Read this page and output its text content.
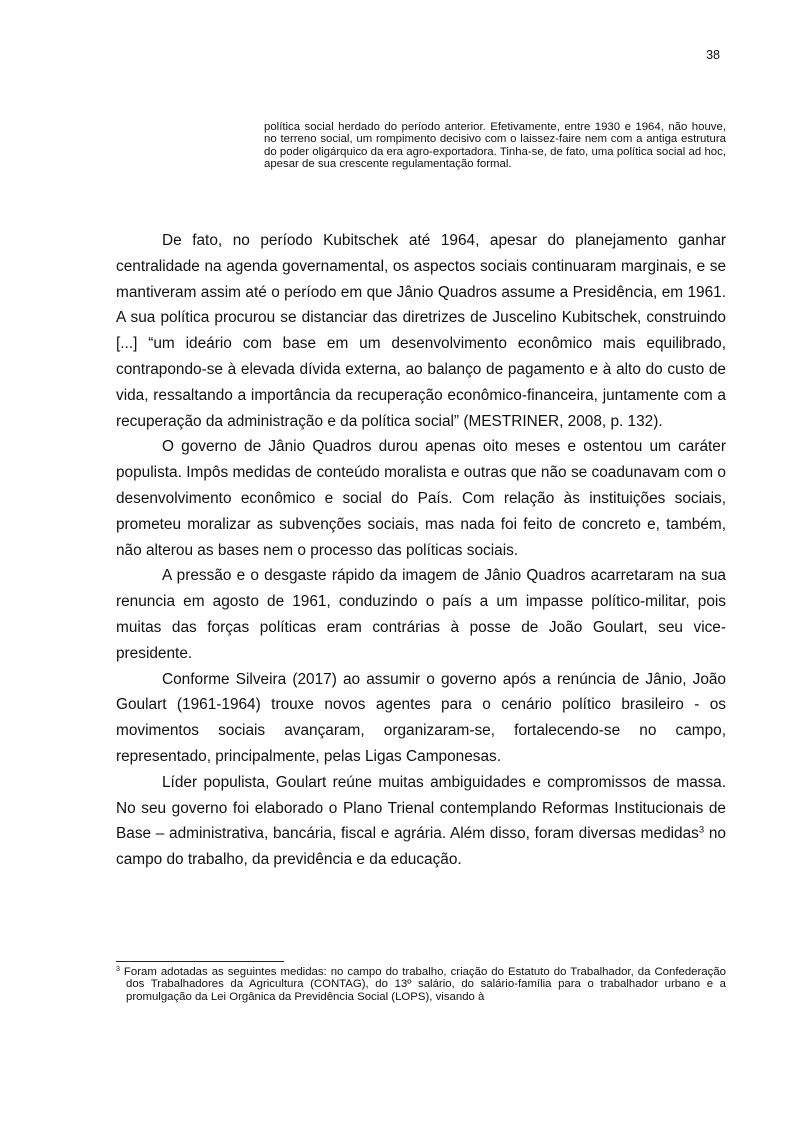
38

política social herdado do período anterior. Efetivamente, entre 1930 e 1964, não houve, no terreno social, um rompimento decisivo com o laissez-faire nem com a antiga estrutura do poder oligárquico da era agro-exportadora. Tinha-se, de fato, uma política social ad hoc, apesar de sua crescente regulamentação formal.

De fato, no período Kubitschek até 1964, apesar do planejamento ganhar centralidade na agenda governamental, os aspectos sociais continuaram marginais, e se mantiveram assim até o período em que Jânio Quadros assume a Presidência, em 1961. A sua política procurou se distanciar das diretrizes de Juscelino Kubitschek, construindo [...] “um ideário com base em um desenvolvimento econômico mais equilibrado, contrapondo-se à elevada dívida externa, ao balanço de pagamento e à alto do custo de vida, ressaltando a importância da recuperação econômico-financeira, juntamente com a recuperação da administração e da política social” (MESTRINER, 2008, p. 132).

O governo de Jânio Quadros durou apenas oito meses e ostentou um caráter populista. Impôs medidas de conteúdo moralista e outras que não se coadunavam com o desenvolvimento econômico e social do País. Com relação às instituições sociais, prometeu moralizar as subvenções sociais, mas nada foi feito de concreto e, também, não alterou as bases nem o processo das políticas sociais.

A pressão e o desgaste rápido da imagem de Jânio Quadros acarretaram na sua renuncia em agosto de 1961, conduzindo o país a um impasse político-militar, pois muitas das forças políticas eram contrárias à posse de João Goulart, seu vice-presidente.

Conforme Silveira (2017) ao assumir o governo após a renúncia de Jânio, João Goulart (1961-1964) trouxe novos agentes para o cenário político brasileiro - os movimentos sociais avançaram, organizaram-se, fortalecendo-se no campo, representado, principalmente, pelas Ligas Camponesas.

Líder populista, Goulart reúne muitas ambiguidades e compromissos de massa. No seu governo foi elaborado o Plano Trienal contemplando Reformas Institucionais de Base – administrativa, bancária, fiscal e agrária. Além disso, foram diversas medidas$^3$ no campo do trabalho, da previdência e da educação.

$^3$ Foram adotadas as seguintes medidas: no campo do trabalho, criação do Estatuto do Trabalhador, da Confederação dos Trabalhadores da Agricultura (CONTAG), do 13º salário, do salário-família para o trabalhador urbano e a promulgação da Lei Orgânica da Previdência Social (LOPS), visando à
